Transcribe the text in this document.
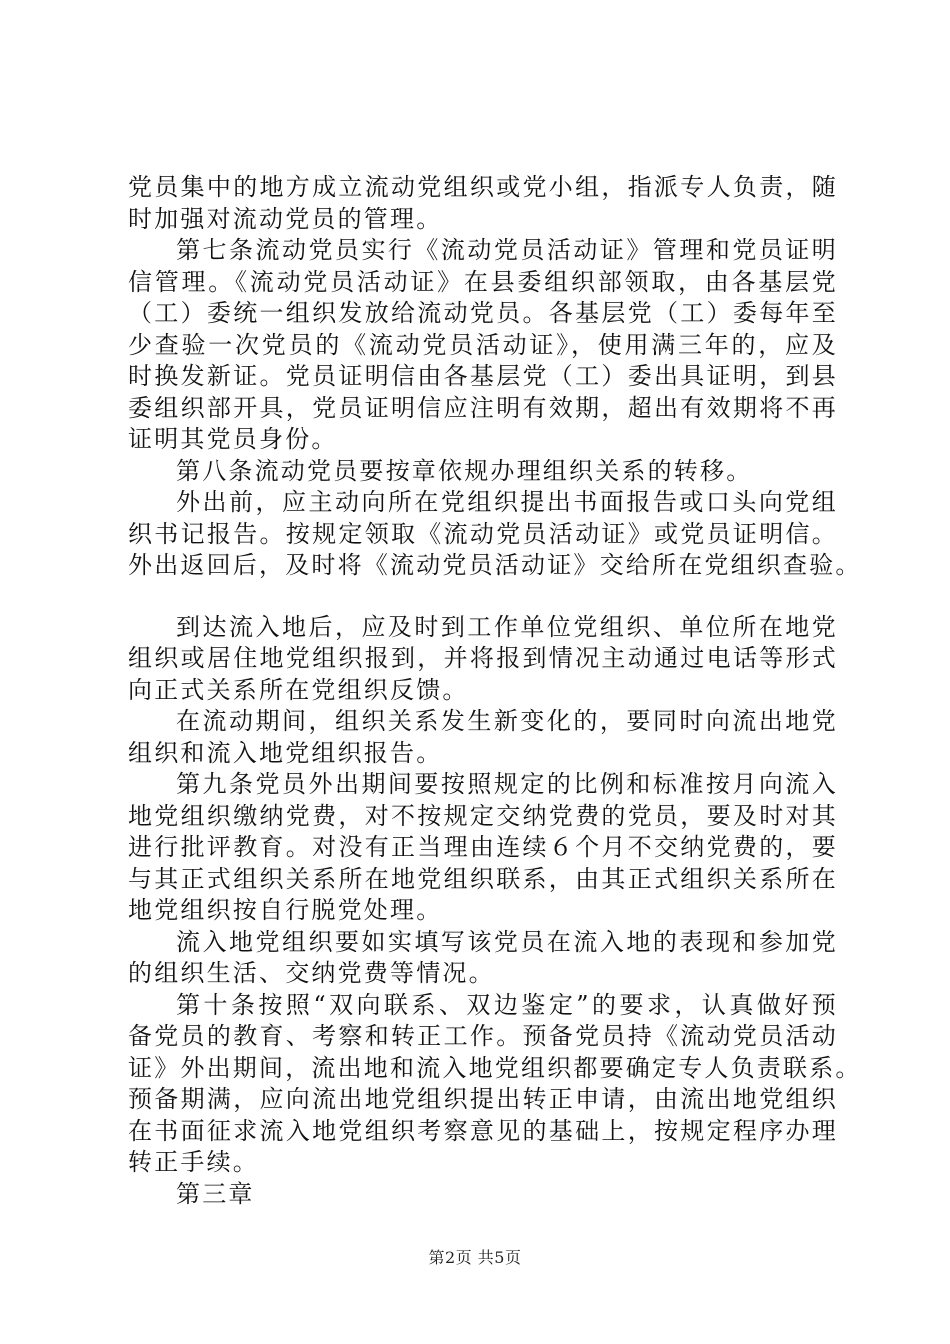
党员集中的地方成立流动党组织或党小组，指派专人负责，随
时加强对流动党员的管理。
第七条流动党员实行《流动党员活动证》管理和党员证明
信管理。《流动党员活动证》在县委组织部领取，由各基层党
（工）委统一组织发放给流动党员。各基层党（工）委每年至
少查验一次党员的《流动党员活动证》，使用满三年的，应及
时换发新证。党员证明信由各基层党（工）委出具证明，到县
委组织部开具，党员证明信应注明有效期，超出有效期将不再
证明其党员身份。
第八条流动党员要按章依规办理组织关系的转移。
外出前，应主动向所在党组织提出书面报告或口头向党组
织书记报告。按规定领取《流动党员活动证》或党员证明信。
外出返回后，及时将《流动党员活动证》交给所在党组织查验。
到达流入地后，应及时到工作单位党组织、单位所在地党
组织或居住地党组织报到，并将报到情况主动通过电话等形式
向正式关系所在党组织反馈。
在流动期间，组织关系发生新变化的，要同时向流出地党
组织和流入地党组织报告。
第九条党员外出期间要按照规定的比例和标准按月向流入
地党组织缴纳党费，对不按规定交纳党费的党员，要及时对其
进行批评教育。对没有正当理由连续６个月不交纳党费的，要
与其正式组织关系所在地党组织联系，由其正式组织关系所在
地党组织按自行脱党处理。
流入地党组织要如实填写该党员在流入地的表现和参加党
的组织生活、交纳党费等情况。
第十条按照“双向联系、双边鉴定”的要求，认真做好预
备党员的教育、考察和转正工作。预备党员持《流动党员活动
证》外出期间，流出地和流入地党组织都要确定专人负责联系。
预备期满，应向流出地党组织提出转正申请，由流出地党组织
在书面征求流入地党组织考察意见的基础上，按规定程序办理
转正手续。
第三章
第2页 共5页
